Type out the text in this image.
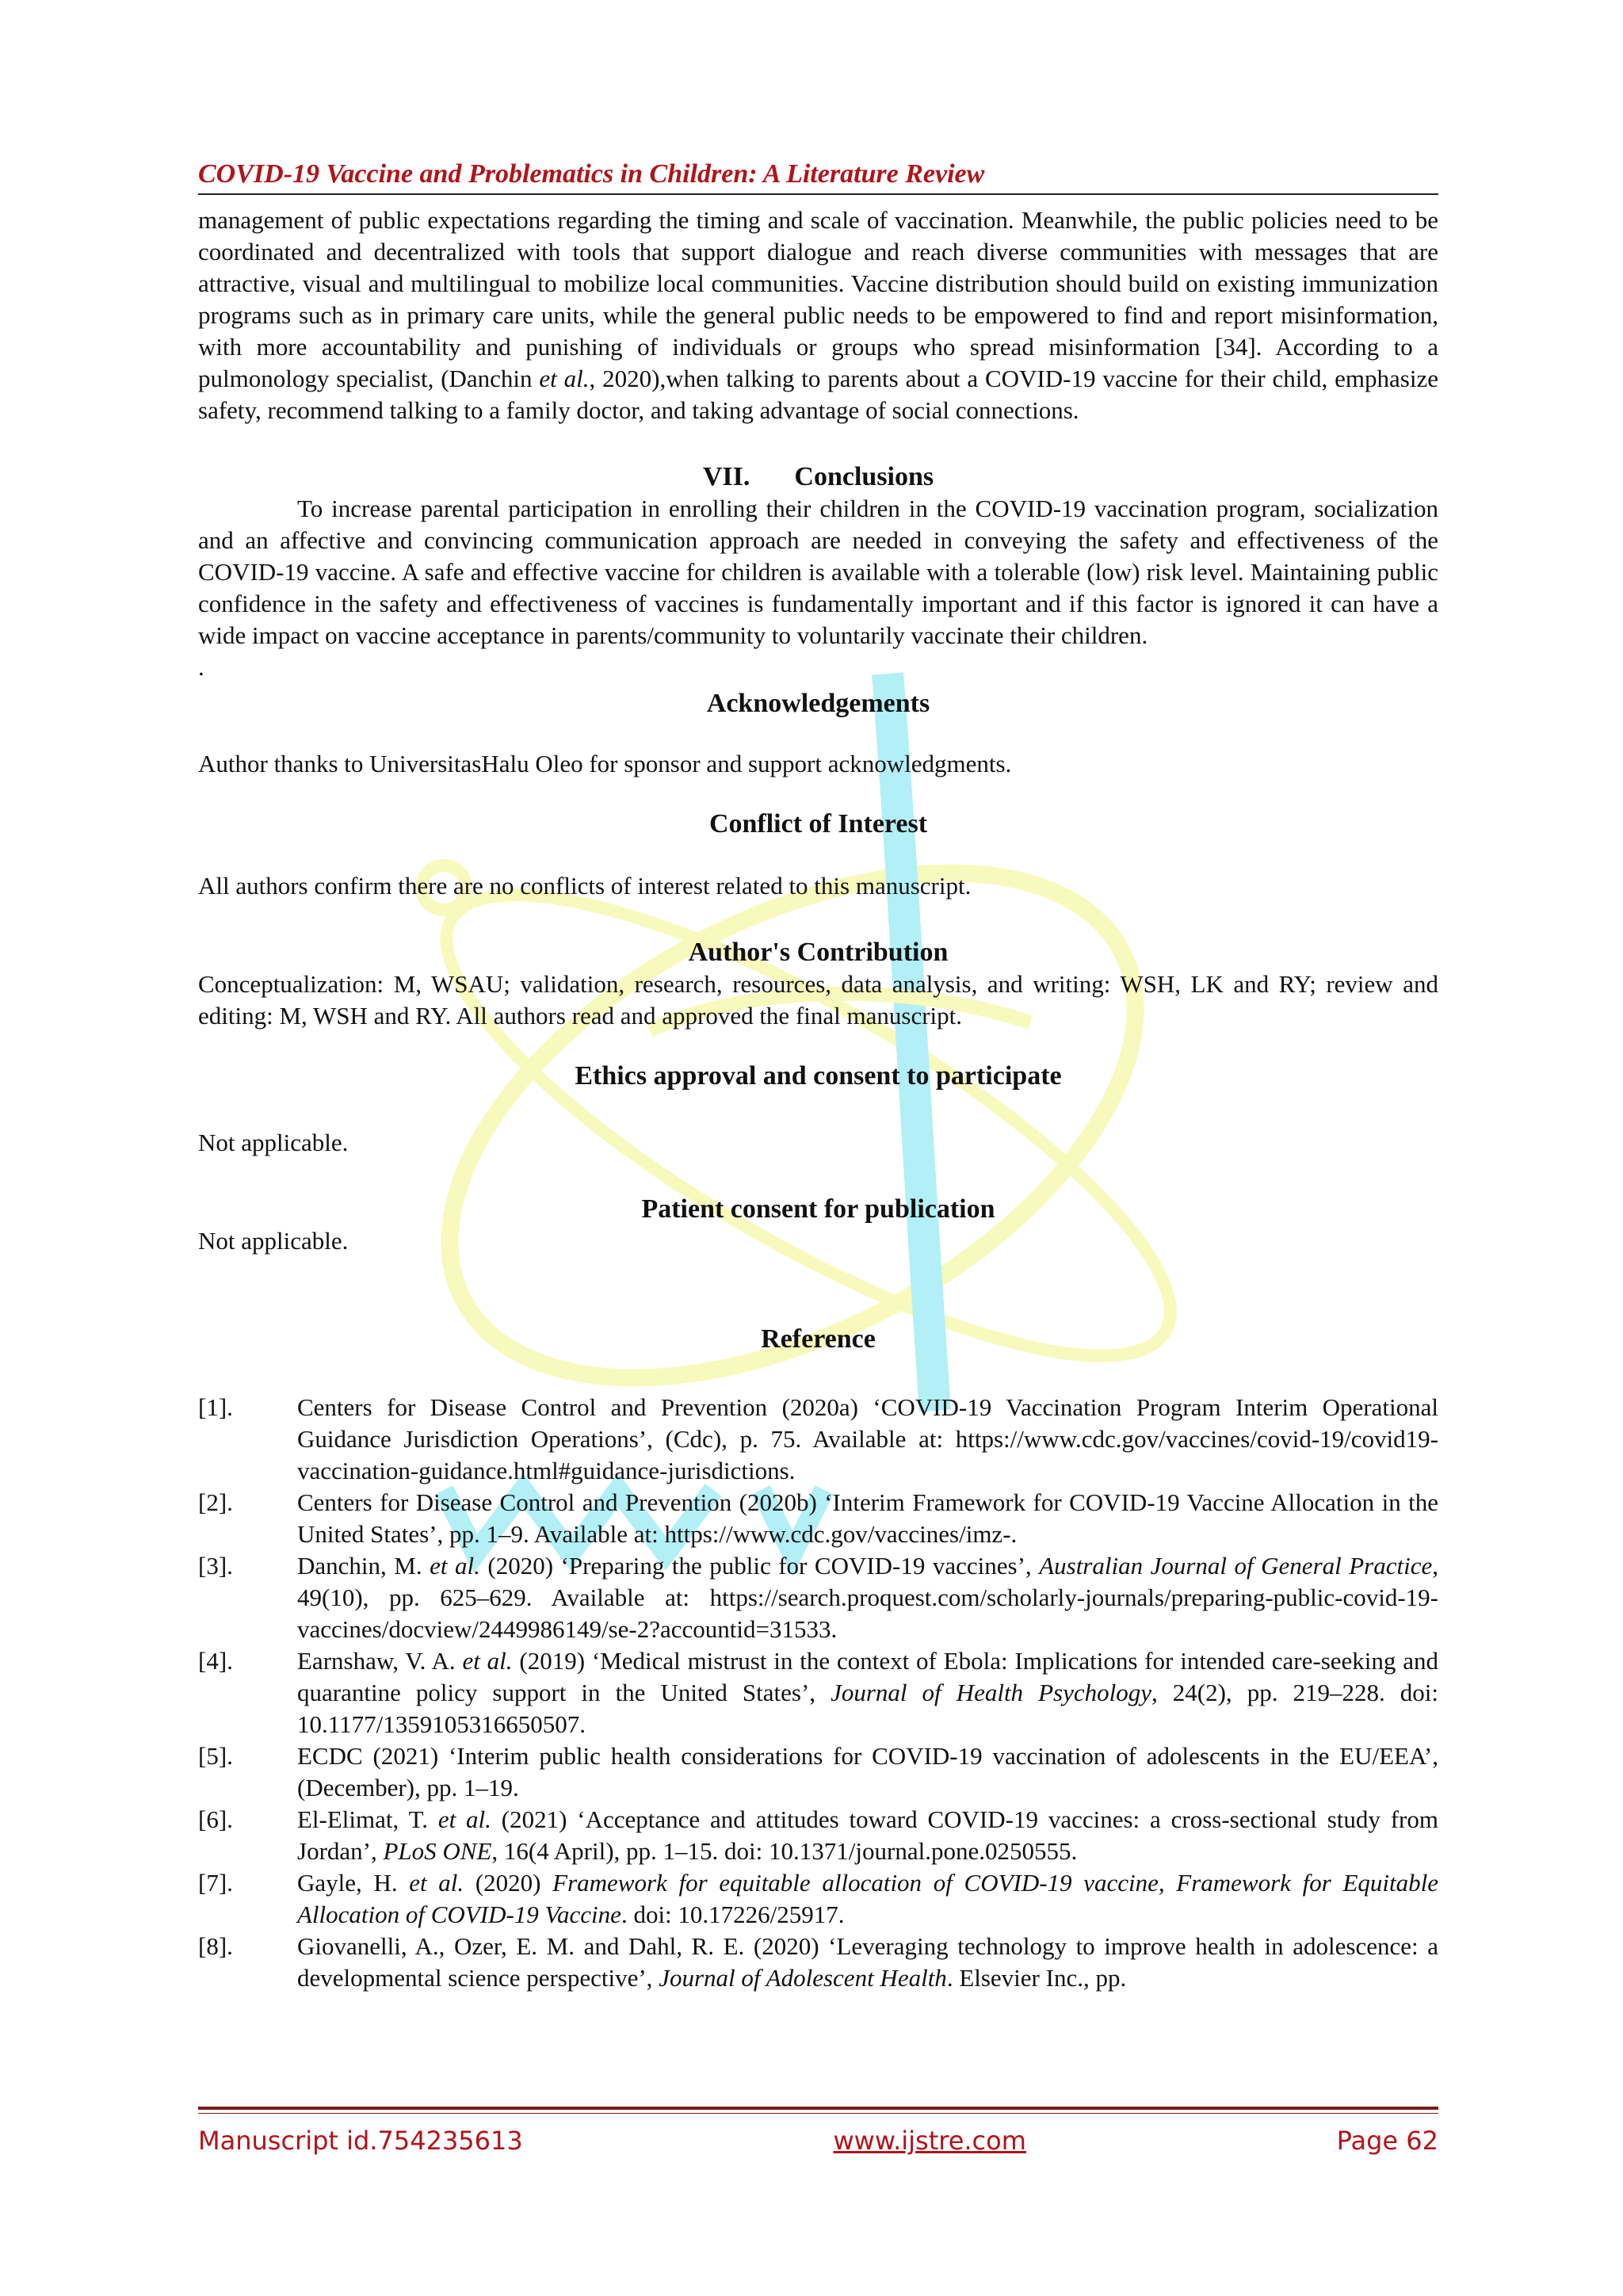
COVID-19 Vaccine and Problematics in Children: A Literature Review

management of public expectations regarding the timing and scale of vaccination. Meanwhile, the public policies need to be coordinated and decentralized with tools that support dialogue and reach diverse communities with messages that are attractive, visual and multilingual to mobilize local communities. Vaccine distribution should build on existing immunization programs such as in primary care units, while the general public needs to be empowered to find and report misinformation, with more accountability and punishing of individuals or groups who spread misinformation [34]. According to a pulmonology specialist, (Danchin et al., 2020),when talking to parents about a COVID-19 vaccine for their child, emphasize safety, recommend talking to a family doctor, and taking advantage of social connections.

VII. Conclusions

To increase parental participation in enrolling their children in the COVID-19 vaccination program, socialization and an affective and convincing communication approach are needed in conveying the safety and effectiveness of the COVID-19 vaccine. A safe and effective vaccine for children is available with a tolerable (low) risk level. Maintaining public confidence in the safety and effectiveness of vaccines is fundamentally important and if this factor is ignored it can have a wide impact on vaccine acceptance in parents/community to voluntarily vaccinate their children.

.

Acknowledgements

Author thanks to UniversitasHalu Oleo for sponsor and support acknowledgments.

Conflict of Interest

All authors confirm there are no conflicts of interest related to this manuscript.

Author's Contribution

Conceptualization: M, WSAU; validation, research, resources, data analysis, and writing: WSH, LK and RY; review and editing: M, WSH and RY. All authors read and approved the final manuscript.

Ethics approval and consent to participate

Not applicable.

Patient consent for publication

Not applicable.

Reference
[1].	Centers for Disease Control and Prevention (2020a) ‘COVID-19 Vaccination Program Interim Operational Guidance Jurisdiction Operations’, (Cdc), p. 75. Available at: https://www.cdc.gov/vaccines/covid-19/covid19-vaccination-guidance.html#guidance-jurisdictions.
[2].	Centers for Disease Control and Prevention (2020b) ‘Interim Framework for COVID-19 Vaccine Allocation in the United States’, pp. 1–9. Available at: https://www.cdc.gov/vaccines/imz-.
[3].	Danchin, M. et al. (2020) ‘Preparing the public for COVID-19 vaccines’, Australian Journal of General Practice, 49(10), pp. 625–629. Available at: https://search.proquest.com/scholarly-journals/preparing-public-covid-19-vaccines/docview/2449986149/se-2?accountid=31533.
[4].	Earnshaw, V. A. et al. (2019) ‘Medical mistrust in the context of Ebola: Implications for intended care-seeking and quarantine policy support in the United States’, Journal of Health Psychology, 24(2), pp. 219–228. doi: 10.1177/1359105316650507.
[5].	ECDC (2021) ‘Interim public health considerations for COVID-19 vaccination of adolescents in the EU/EEA’, (December), pp. 1–19.
[6].	El-Elimat, T. et al. (2021) ‘Acceptance and attitudes toward COVID-19 vaccines: a cross-sectional study from Jordan’, PLoS ONE, 16(4 April), pp. 1–15. doi: 10.1371/journal.pone.0250555.
[7].	Gayle, H. et al. (2020) Framework for equitable allocation of COVID-19 vaccine, Framework for Equitable Allocation of COVID-19 Vaccine. doi: 10.17226/25917.
[8].	Giovanelli, A., Ozer, E. M. and Dahl, R. E. (2020) ‘Leveraging technology to improve health in adolescence: a developmental science perspective’, Journal of Adolescent Health. Elsevier Inc., pp.
Manuscript id.754235613	www.ijstre.com	Page 62
